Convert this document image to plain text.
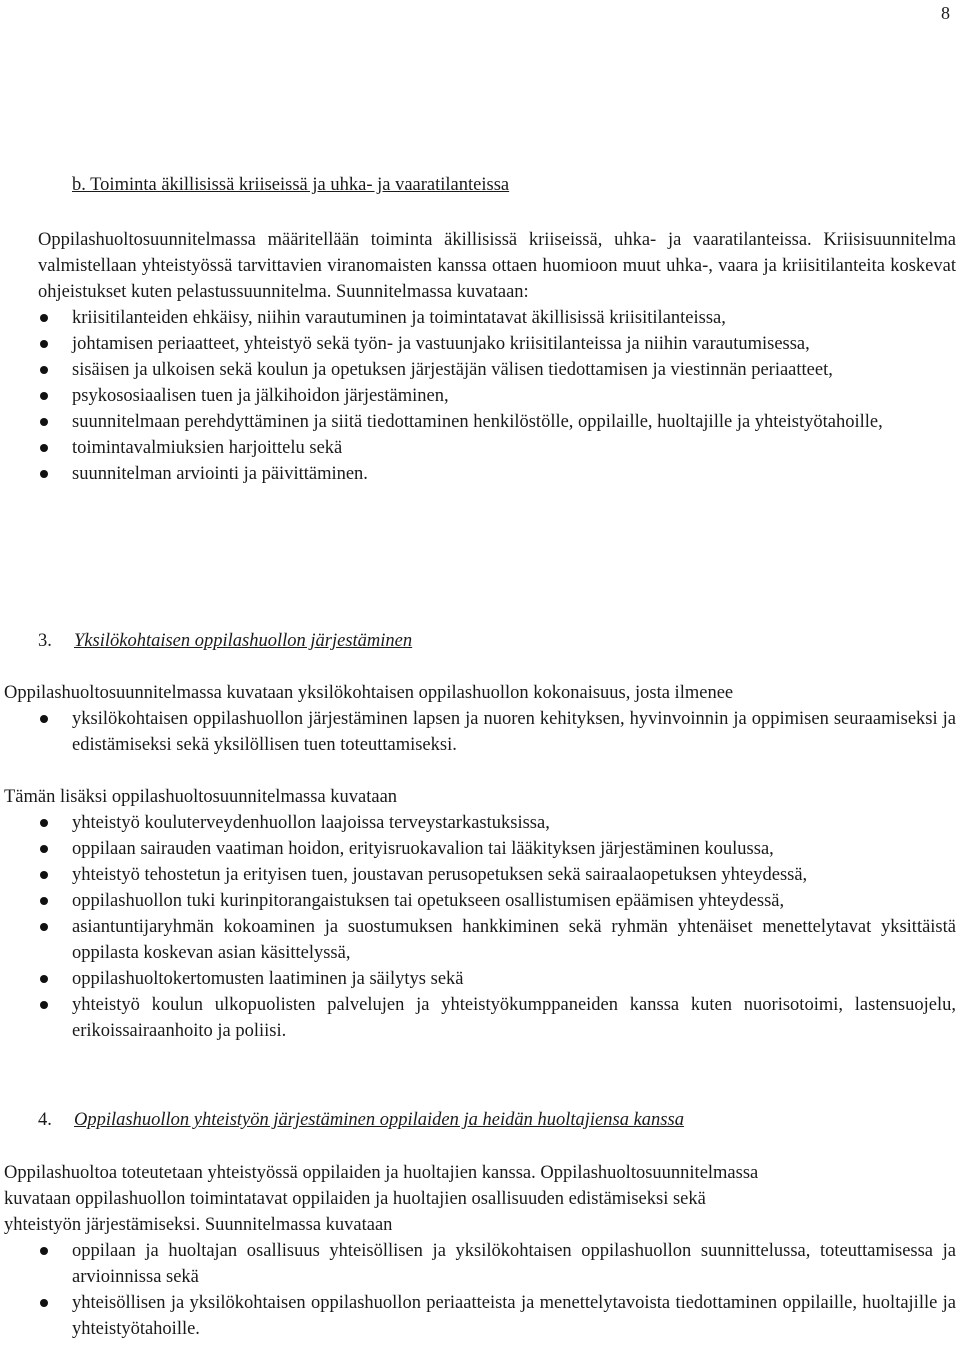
8

b. Toiminta äkillisissä kriiseissä ja uhka- ja vaaratilanteissa

Oppilashuoltosuunnitelmassa määritellään toiminta äkillisissä kriiseissä, uhka- ja vaaratilanteissa. Kriisisuunnitelma valmistellaan yhteistyössä tarvittavien viranomaisten kanssa ottaen huomioon muut uhka-, vaara ja kriisitilanteita koskevat ohjeistukset kuten pelastussuunnitelma. Suunnitelmassa kuvataan:

kriisitilanteiden ehkäisy, niihin varautuminen ja toimintatavat äkillisissä kriisitilanteissa,
johtamisen periaatteet, yhteistyö sekä työn- ja vastuunjako kriisitilanteissa ja niihin varautumisessa,
sisäisen ja ulkoisen sekä koulun ja opetuksen järjestäjän välisen tiedottamisen ja viestinnän periaatteet,
psykososiaalisen tuen ja jälkihoidon järjestäminen,
suunnitelmaan perehdyttäminen ja siitä tiedottaminen henkilöstölle, oppilaille, huoltajille ja yhteistyötahoille,
toimintavalmiuksien harjoittelu sekä
suunnitelman arviointi ja päivittäminen.
3. Yksilökohtaisen oppilashuollon järjestäminen

Oppilashuoltosuunnitelmassa kuvataan yksilökohtaisen oppilashuollon kokonaisuus, josta ilmenee

yksilökohtaisen oppilashuollon järjestäminen lapsen ja nuoren kehityksen, hyvinvoinnin ja oppimisen seuraamiseksi ja edistämiseksi sekä yksilöllisen tuen toteuttamiseksi.

Tämän lisäksi oppilashuoltosuunnitelmassa kuvataan

yhteistyö kouluterveydenhuollon laajoissa terveystarkastuksissa,
oppilaan sairauden vaatiman hoidon, erityisruokavalion tai lääkityksen järjestäminen koulussa,
yhteistyö tehostetun ja erityisen tuen, joustavan perusopetuksen sekä sairaalaopetuksen yhteydessä,
oppilashuollon tuki kurinpitorangaistuksen tai opetukseen osallistumisen epäämisen yhteydessä,
asiantuntijaryhmän kokoaminen ja suostumuksen hankkiminen sekä ryhmän yhtenäiset menettelytavat yksittäistä oppilasta koskevan asian käsittelyssä,
oppilashuoltokertomusten laatiminen ja säilytys sekä
yhteistyö koulun ulkopuolisten palvelujen ja yhteistyökumppaneiden kanssa kuten nuorisotoimi, lastensuojelu, erikoissairaanhoito ja poliisi.
4. Oppilashuollon yhteistyön järjestäminen oppilaiden ja heidän huoltajiensa kanssa

Oppilashuoltoa toteutetaan yhteistyössä oppilaiden ja huoltajien kanssa. Oppilashuoltosuunnitelmassa

kuvataan oppilashuollon toimintatavat oppilaiden ja huoltajien osallisuuden edistämiseksi sekä

yhteistyön järjestämiseksi. Suunnitelmassa kuvataan

oppilaan ja huoltajan osallisuus yhteisöllisen ja yksilökohtaisen oppilashuollon suunnittelussa, toteuttamisessa ja arvioinnissa sekä
yhteisöllisen ja yksilökohtaisen oppilashuollon periaatteista ja menettelytavoista tiedottaminen oppilaille, huoltajille ja yhteistyötahoille.
